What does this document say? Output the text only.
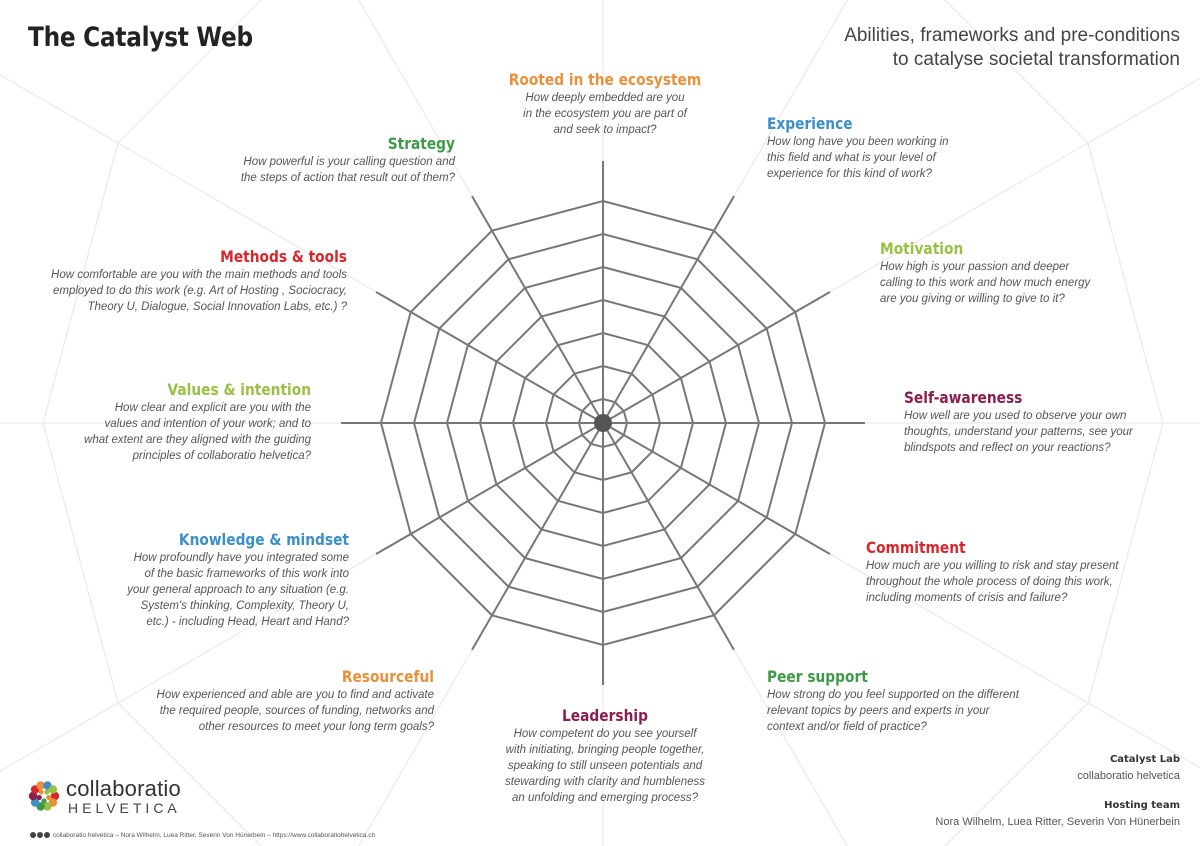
The Catalyst Web	Abilities, frameworks and pre-conditions
to catalyse societal transformation
Rooted in the ecosystem

How deeply embedded are you
in the ecosystem you are part of
and seek to impact?	Experience

How long have you been working in
this field and what is your level of
experience for this kind of work?

Motivation

How high is your passion and deeper
calling to this work and how much energy
are you giving or willing to give to it?

Self-awareness

How well are you used to observe your own
thoughts, understand your patterns, see your
blindspots and reflect on your reactions?

Commitment

How much are you willing to risk and stay present
throughout the whole process of doing this work,
including moments of crisis and failure?

Peer support

How strong do you feel supported on the different
relevant topics by peers and experts in your
context and/or field of practice?

Leadership

How competent do you see yourself
with initiating, bringing people together,
speaking to still unseen potentials and
stewarding with clarity and humbleness
an unfolding and emerging process?

Resourceful

How experienced and able are you to find and activate
the required people, sources of funding, networks and
other resources to meet your long term goals?

Knowledge & mindset

How profoundly have you integrated some
of the basic frameworks of this work into
your general approach to any situation (e.g.
System's thinking, Complexity, Theory U,
etc.) - including Head, Heart and Hand?

Values & intention

How clear and explicit are you with the
values and intention of your work; and to
what extent are they aligned with the guiding
principles of collaboratio helvetica?

Methods & tools

How comfortable are you with the main methods and tools
employed to do this work (e.g. Art of Hosting , Sociocracy,
Theory U, Dialogue, Social Innovation Labs, etc.) ?

Strategy

How powerful is your calling question and
the steps of action that result out of them?

collaboratio
HELVETICA
collaboratio helvetica – Nora Wilhelm, Luea Ritter, Severin Von Hünerbein – https://www.collaboratiohelvetica.ch
Catalyst Lab
collaboratio helvetica
Hosting team
Nora Wilhelm, Luea Ritter, Severin Von Hünerbein
